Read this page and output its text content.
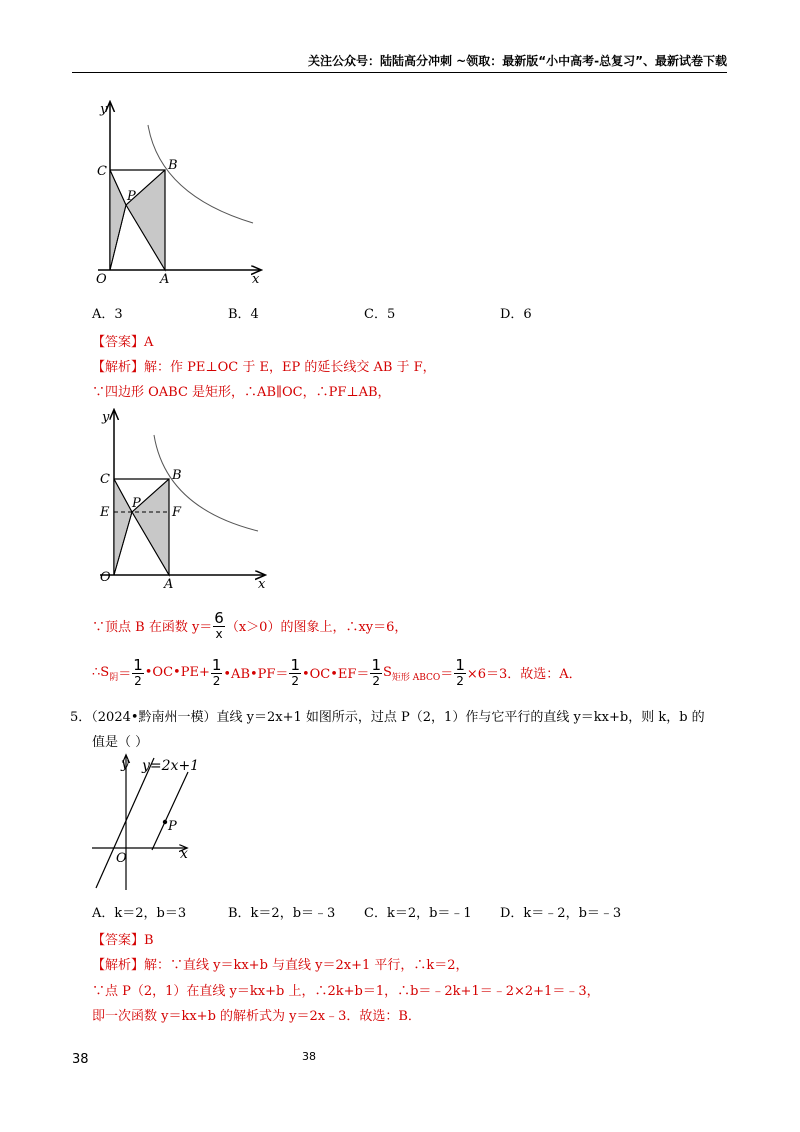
关注公众号：陆陆高分冲刺 ~领取：最新版“小中高考-总复习”、最新试卷下载
y
x
O	A
B
C
P
A．3	B．4	C．5	D．6
【答案】A
【解析】解：作 PE⊥OC 于 E，EP 的延长线交 AB 于 F，
∵四边形 OABC 是矩形，∴AB∥OC，∴PF⊥AB，
y
x
O	A
B
C
P
E	F
∵顶点 B 在函数 $y= \frac{6}{x} (x>0)$的图象上，∴xy＝6，
∴S 阴 ＝ $\frac{1}{2}$ •OC•PE+ $\frac{1}{2}$ •AB•PF＝ $\frac{1}{2}$ •OC•EF＝ $\frac{1}{2}$ S 矩形 ABCO ＝ $\frac{1}{2} \times 6=3$．故选：A．
5．（2024•黔南州一模）直线 y＝2x+1 如图所示，过点 P（2，1）作与它平行的直线 y＝kx+b，则 k，b 的
值是（ ）
y y=2x+1
x
O
P
A．k＝2，b＝3	B．k＝2，b＝﹣3 C．k＝2，b＝﹣1 D．k＝﹣2，b＝﹣3
【答案】B
【解析】解：∵直线 y＝kx+b 与直线 y＝2x+1 平行，∴k＝2，
∵点 P（2，1）在直线 y＝kx+b 上，∴2k+b＝1，∴b＝﹣2k+1＝﹣2×2+1＝﹣3，
即一次函数 y＝kx+b 的解析式为 y＝2x﹣3．故选：B．
38	38
